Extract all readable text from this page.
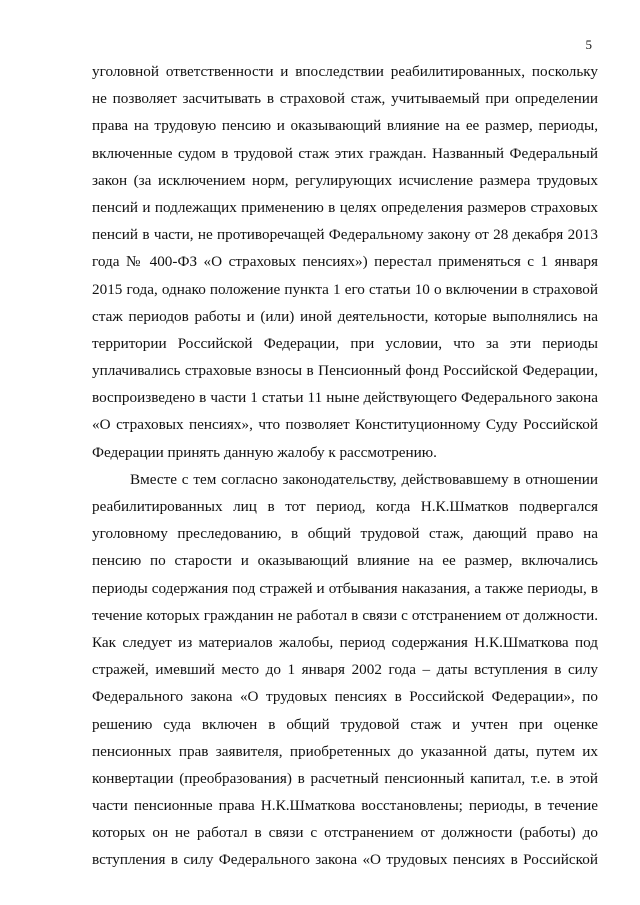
5
уголовной ответственности и впоследствии реабилитированных, поскольку
не позволяет засчитывать в страховой стаж, учитываемый при определении
права на трудовую пенсию и оказывающий влияние на ее размер, периоды,
включенные судом в трудовой стаж этих граждан. Названный Федеральный
закон (за исключением норм, регулирующих исчисление размера трудовых
пенсий и подлежащих применению в целях определения размеров страховых
пенсий в части, не противоречащей Федеральному закону от 28 декабря 2013
года № 400-ФЗ «О страховых пенсиях») перестал применяться с 1 января
2015 года, однако положение пункта 1 его статьи 10 о включении в страховой
стаж периодов работы и (или) иной деятельности, которые выполнялись на
территории Российской Федерации, при условии, что за эти периоды
уплачивались страховые взносы в Пенсионный фонд Российской Федерации,
воспроизведено в части 1 статьи 11 ныне действующего Федерального закона
«О страховых пенсиях», что позволяет Конституционному Суду Российской
Федерации принять данную жалобу к рассмотрению.
Вместе с тем согласно законодательству, действовавшему в отношении
реабилитированных лиц в тот период, когда Н.К.Шматков подвергался
уголовному преследованию, в общий трудовой стаж, дающий право на
пенсию по старости и оказывающий влияние на ее размер, включались
периоды содержания под стражей и отбывания наказания, а также периоды, в
течение которых гражданин не работал в связи с отстранением от должности.
Как следует из материалов жалобы, период содержания Н.К.Шматкова под
стражей, имевший место до 1 января 2002 года – даты вступления в силу
Федерального закона «О трудовых пенсиях в Российской Федерации», по
решению суда включен в общий трудовой стаж и учтен при оценке
пенсионных прав заявителя, приобретенных до указанной даты, путем их
конвертации (преобразования) в расчетный пенсионный капитал, т.е. в этой
части пенсионные права Н.К.Шматкова восстановлены; периоды, в течение
которых он не работал в связи с отстранением от должности (работы) до
вступления в силу Федерального закона «О трудовых пенсиях в Российской
